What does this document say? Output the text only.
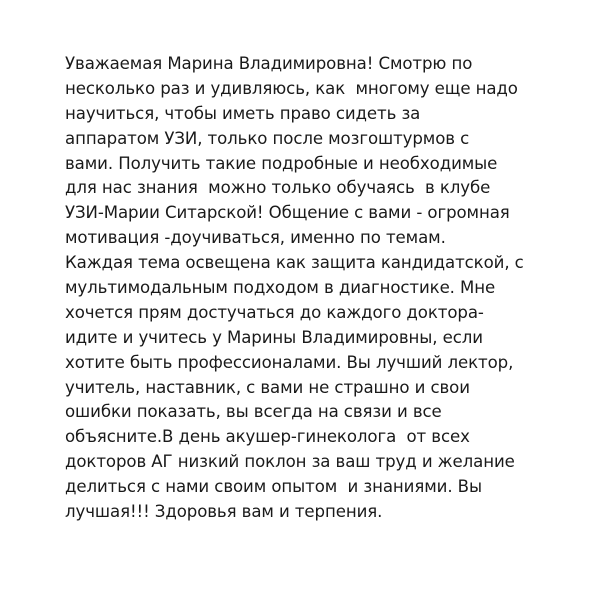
Уважаемая Марина Владимировна! Смотрю по
несколько раз и удивляюсь, как  многому еще надо
научиться, чтобы иметь право сидеть за
аппаратом УЗИ, только после мозгоштурмов с
вами. Получить такие подробные и необходимые
для нас знания  можно только обучаясь  в клубе
УЗИ-Марии Ситарской! Общение с вами - огромная
мотивация -доучиваться, именно по темам.
Каждая тема освещена как защита кандидатской, с
мультимодальным подходом в диагностике. Мне
хочется прям достучаться до каждого доктора-
идите и учитесь у Марины Владимировны, если
хотите быть профессионалами. Вы лучший лектор,
учитель, наставник, с вами не страшно и свои
ошибки показать, вы всегда на связи и все
объясните.В день акушер-гинеколога  от всех
докторов АГ низкий поклон за ваш труд и желание
делиться с нами своим опытом  и знаниями. Вы
лучшая!!! Здоровья вам и терпения.
